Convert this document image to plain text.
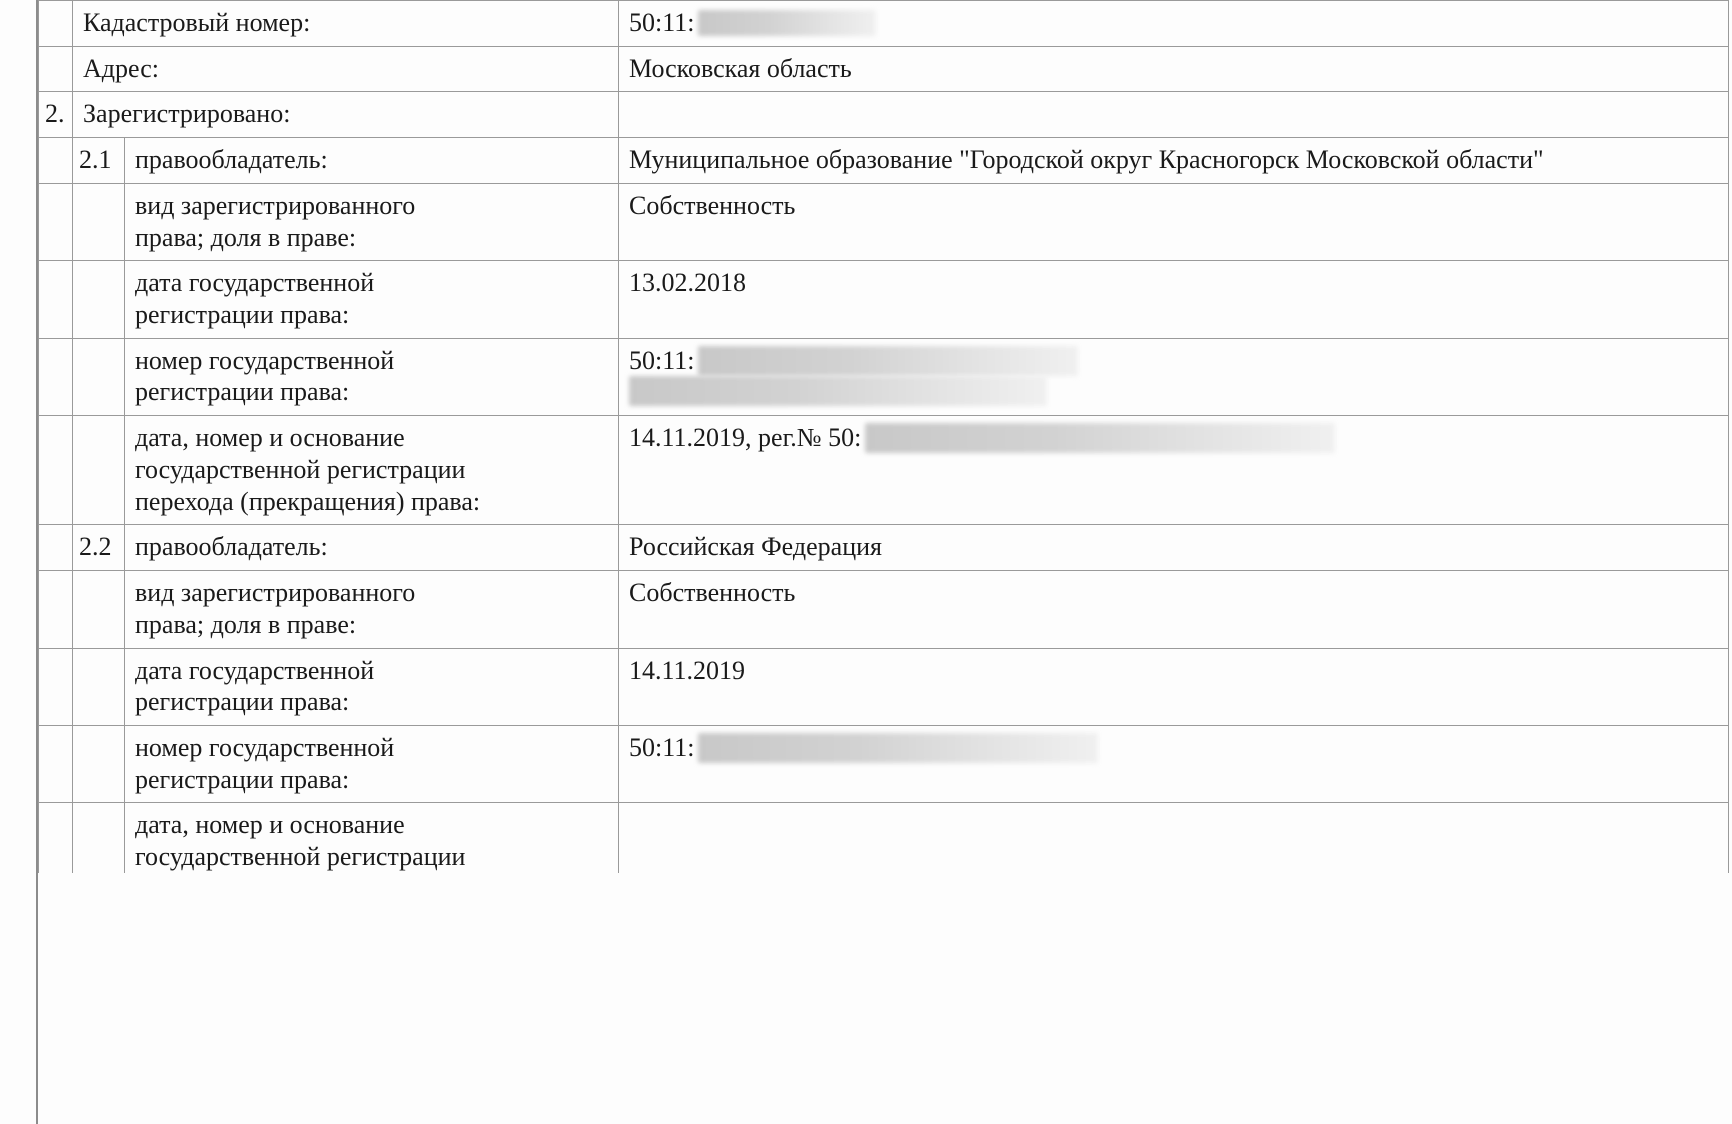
	Кадастровый номер:		50:11:
	Адрес:		Московская область
2.	Зарегистрировано:		
	2.1	правообладатель:	Муниципальное образование "Городской округ Красногорск Московской области"

		вид зарегистрированного
права; доля в праве:	Собственность

		дата государственной
регистрации права:	13.02.2018

		номер государственной
регистрации права:	50:11:

		дата, номер и основание
государственной регистрации
перехода (прекращения) права:	14.11.2019, рег.№ 50:
	2.2	правообладатель:	Российская Федерация

		вид зарегистрированного
права; доля в праве:	Собственность

		дата государственной
регистрации права:	14.11.2019

		номер государственной
регистрации права:	50:11:

		дата, номер и основание
государственной регистрации	
